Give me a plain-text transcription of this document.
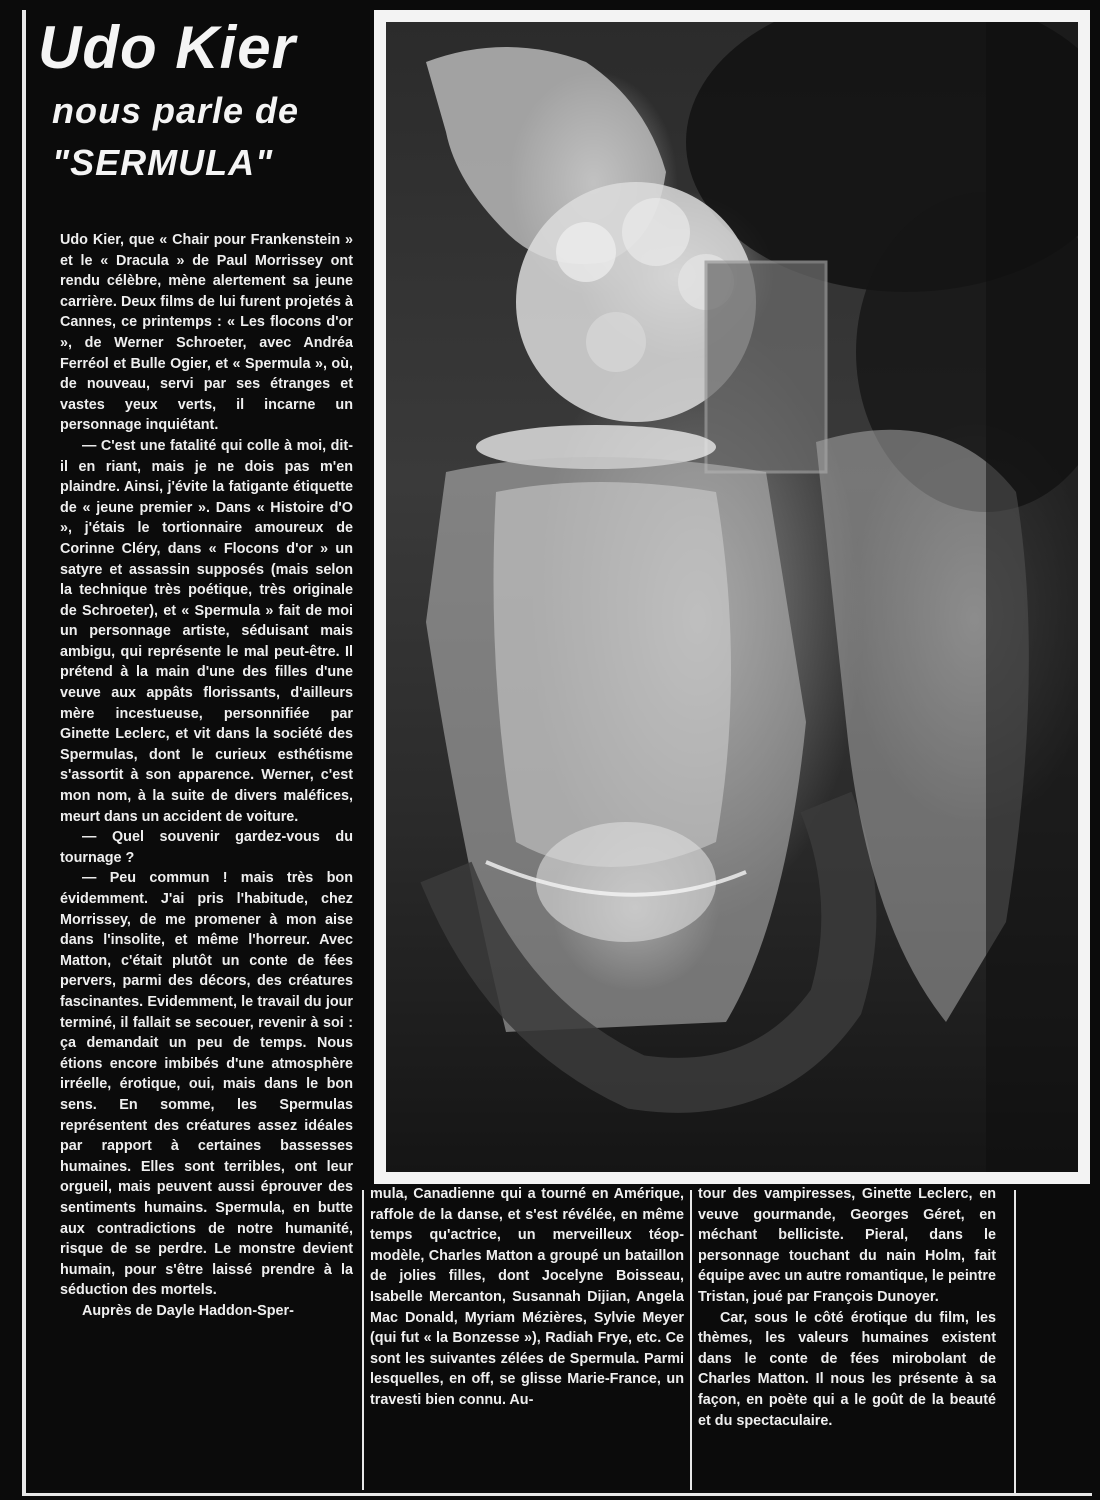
Udo Kier
nous parle de
"SERMULA"

Udo Kier, que « Chair pour Frankenstein » et le « Dracula » de Paul Morrissey ont rendu célèbre, mène alertement sa jeune carrière. Deux films de lui furent projetés à Cannes, ce printemps : « Les flocons d'or », de Werner Schroeter, avec Andréa Ferréol et Bulle Ogier, et « Spermula », où, de nouveau, servi par ses étranges et vastes yeux verts, il incarne un personnage inquiétant.

— C'est une fatalité qui colle à moi, dit-il en riant, mais je ne dois pas m'en plaindre. Ainsi, j'évite la fatigante étiquette de « jeune premier ». Dans « Histoire d'O », j'étais le tortionnaire amoureux de Corinne Cléry, dans « Flocons d'or » un satyre et assassin supposés (mais selon la technique très poétique, très originale de Schroeter), et « Spermula » fait de moi un personnage artiste, séduisant mais ambigu, qui représente le mal peut-être. Il prétend à la main d'une des filles d'une veuve aux appâts florissants, d'ailleurs mère incestueuse, personnifiée par Ginette Leclerc, et vit dans la société des Spermulas, dont le curieux esthétisme s'assortit à son apparence. Werner, c'est mon nom, à la suite de divers maléfices, meurt dans un accident de voiture.

— Quel souvenir gardez-vous du tournage ?

— Peu commun ! mais très bon évidemment. J'ai pris l'habitude, chez Morrissey, de me promener à mon aise dans l'insolite, et même l'horreur. Avec Matton, c'était plutôt un conte de fées pervers, parmi des décors, des créatures fascinantes. Evidemment, le travail du jour terminé, il fallait se secouer, revenir à soi : ça demandait un peu de temps. Nous étions encore imbibés d'une atmosphère irréelle, érotique, oui, mais dans le bon sens. En somme, les Spermulas représentent des créatures assez idéales par rapport à certaines bassesses humaines. Elles sont terribles, ont leur orgueil, mais peuvent aussi éprouver des sentiments humains. Spermula, en butte aux contradictions de notre humanité, risque de se perdre. Le monstre devient humain, pour s'être laissé prendre à la séduction des mortels.

Auprès de Dayle Haddon-Sper-

mula, Canadienne qui a tourné en Amérique, raffole de la danse, et s'est révélée, en même temps qu'actrice, un merveilleux téop-modèle, Charles Matton a groupé un bataillon de jolies filles, dont Jocelyne Boisseau, Isabelle Mercanton, Susannah Dijian, Angela Mac Donald, Myriam Mézières, Sylvie Meyer (qui fut « la Bonzesse »), Radiah Frye, etc. Ce sont les suivantes zélées de Spermula. Parmi lesquelles, en off, se glisse Marie-France, un travesti bien connu. Au-

tour des vampiresses, Ginette Leclerc, en veuve gourmande, Georges Géret, en méchant belliciste. Pieral, dans le personnage touchant du nain Holm, fait équipe avec un autre romantique, le peintre Tristan, joué par François Dunoyer.

Car, sous le côté érotique du film, les thèmes, les valeurs humaines existent dans le conte de fées mirobolant de Charles Matton. Il nous les présente à sa façon, en poète qui a le goût de la beauté et du spectaculaire.
